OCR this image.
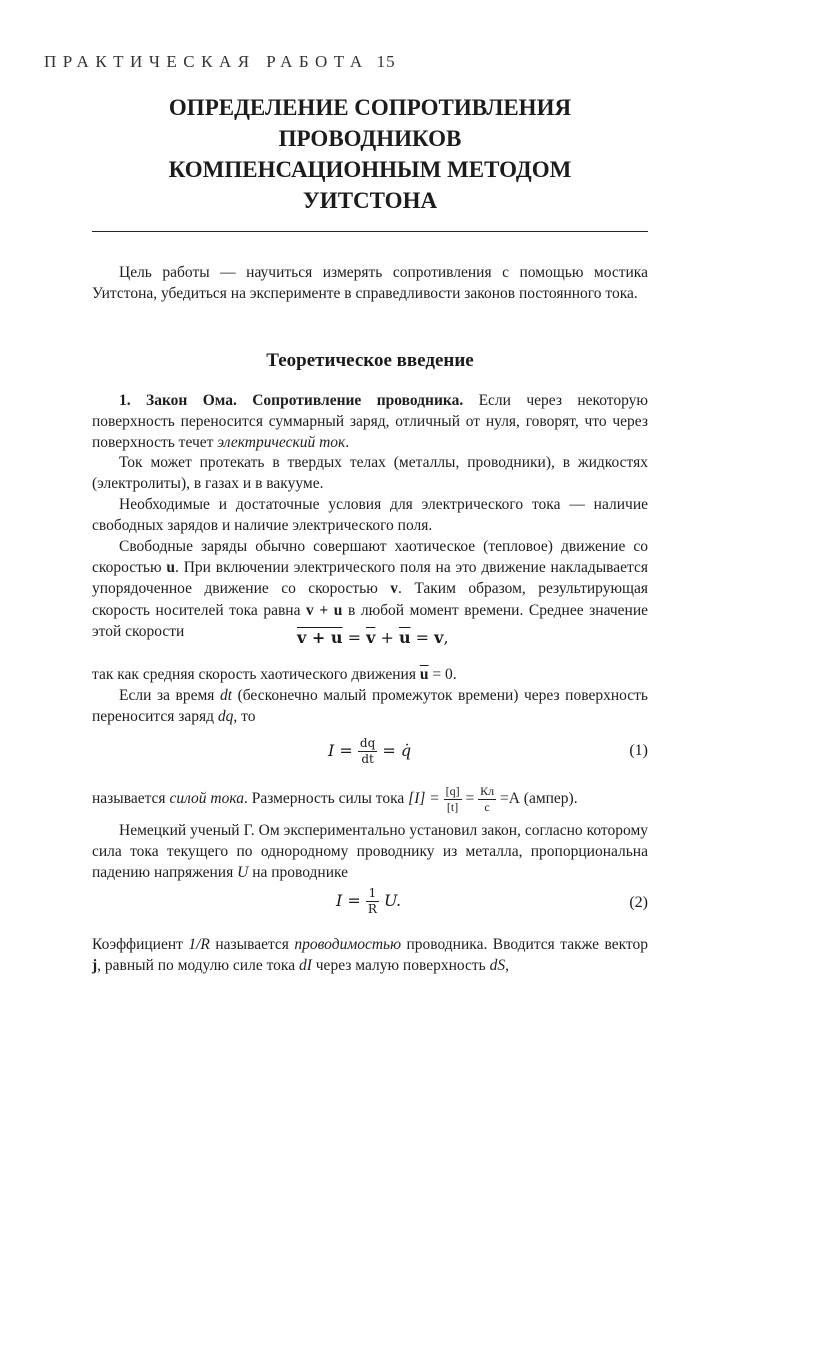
ПРАКТИЧЕСКАЯ РАБОТА 15
ОПРЕДЕЛЕНИЕ СОПРОТИВЛЕНИЯ
ПРОВОДНИКОВ
КОМПЕНСАЦИОННЫМ МЕТОДОМ
УИТСТОНА
Цель работы — научиться измерять сопротивления с помощью мостика Уитстона, убедиться на эксперименте в справедливости законов постоянного тока.
Теоретическое введение
1. Закон Ома. Сопротивление проводника. Если через некоторую поверхность переносится суммарный заряд, отличный от нуля, говорят, что через поверхность течет электрический ток.
Ток может протекать в твердых телах (металлы, проводники), в жидкостях (электролиты), в газах и в вакууме.
Необходимые и достаточные условия для электрического тока — наличие свободных зарядов и наличие электрического поля.
Свободные заряды обычно совершают хаотическое (тепловое) движение со скоростью u. При включении электрического поля на это движение накладывается упорядоченное движение со скоростью v. Таким образом, результирующая скорость носителей тока равна v + u в любой момент времени. Среднее значение этой скорости	$v + u = \overline{v} + \overline{u} = v$,
так как средняя скорость хаотического движения $\overline{u} = 0$.
Если за время dt (бесконечно малый промежуток времени) через поверхность переносится заряд dq, то
$I = \frac{dq}{dt}$ = q̇	(1)
называется силой тока. Размерность силы тока $[I] = \frac{[q]}{[t]} = \frac{Кл}{c} =А$ (ампер).
Немецкий ученый Г. Ом экспериментально установил закон, согласно которому сила тока текущего по однородному проводнику из металла, пропорциональна падению напряжения U на проводнике
$I = \frac{1}{R} U$.	(2)
Коэффициент 1/R называется проводимостью проводника. Вводится также вектор j, равный по модулю силе тока dI через малую поверхность dS,
